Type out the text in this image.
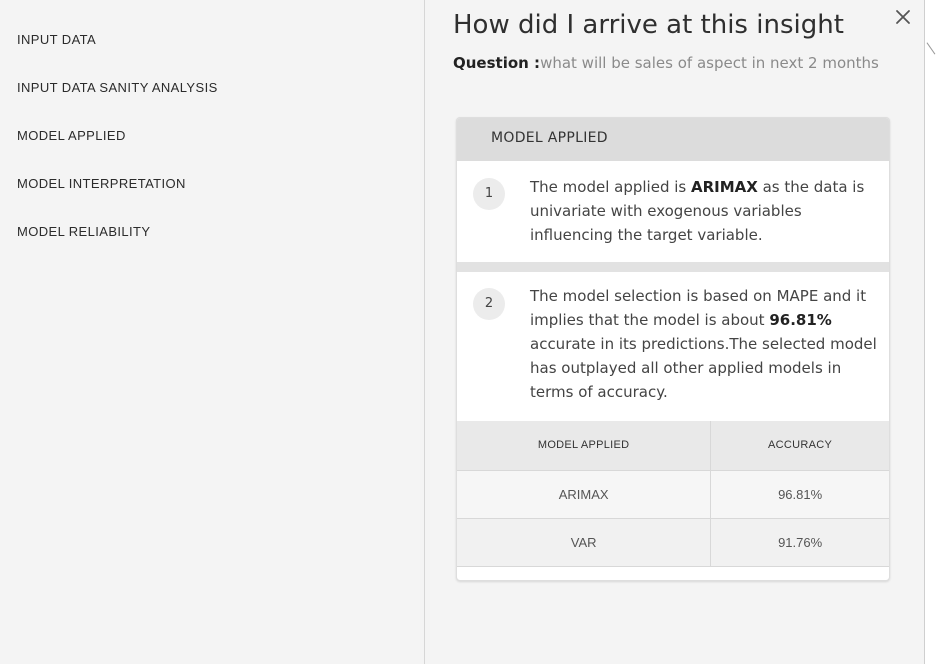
INPUT DATA
INPUT DATA SANITY ANALYSIS
MODEL APPLIED
MODEL INTERPRETATION
MODEL RELIABILITY
How did I arrive at this insight
Question :what will be sales of aspect in next 2 months
MODEL APPLIED
1	The model applied is ARIMAX as the data is univariate with exogenous variables influencing the target variable.
2	The model selection is based on MAPE and it implies that the model is about 96.81% accurate in its predictions.The selected model has outplayed all other applied models in terms of accuracy.
MODEL APPLIED	ACCURACY
ARIMAX	96.81%
VAR	91.76%
